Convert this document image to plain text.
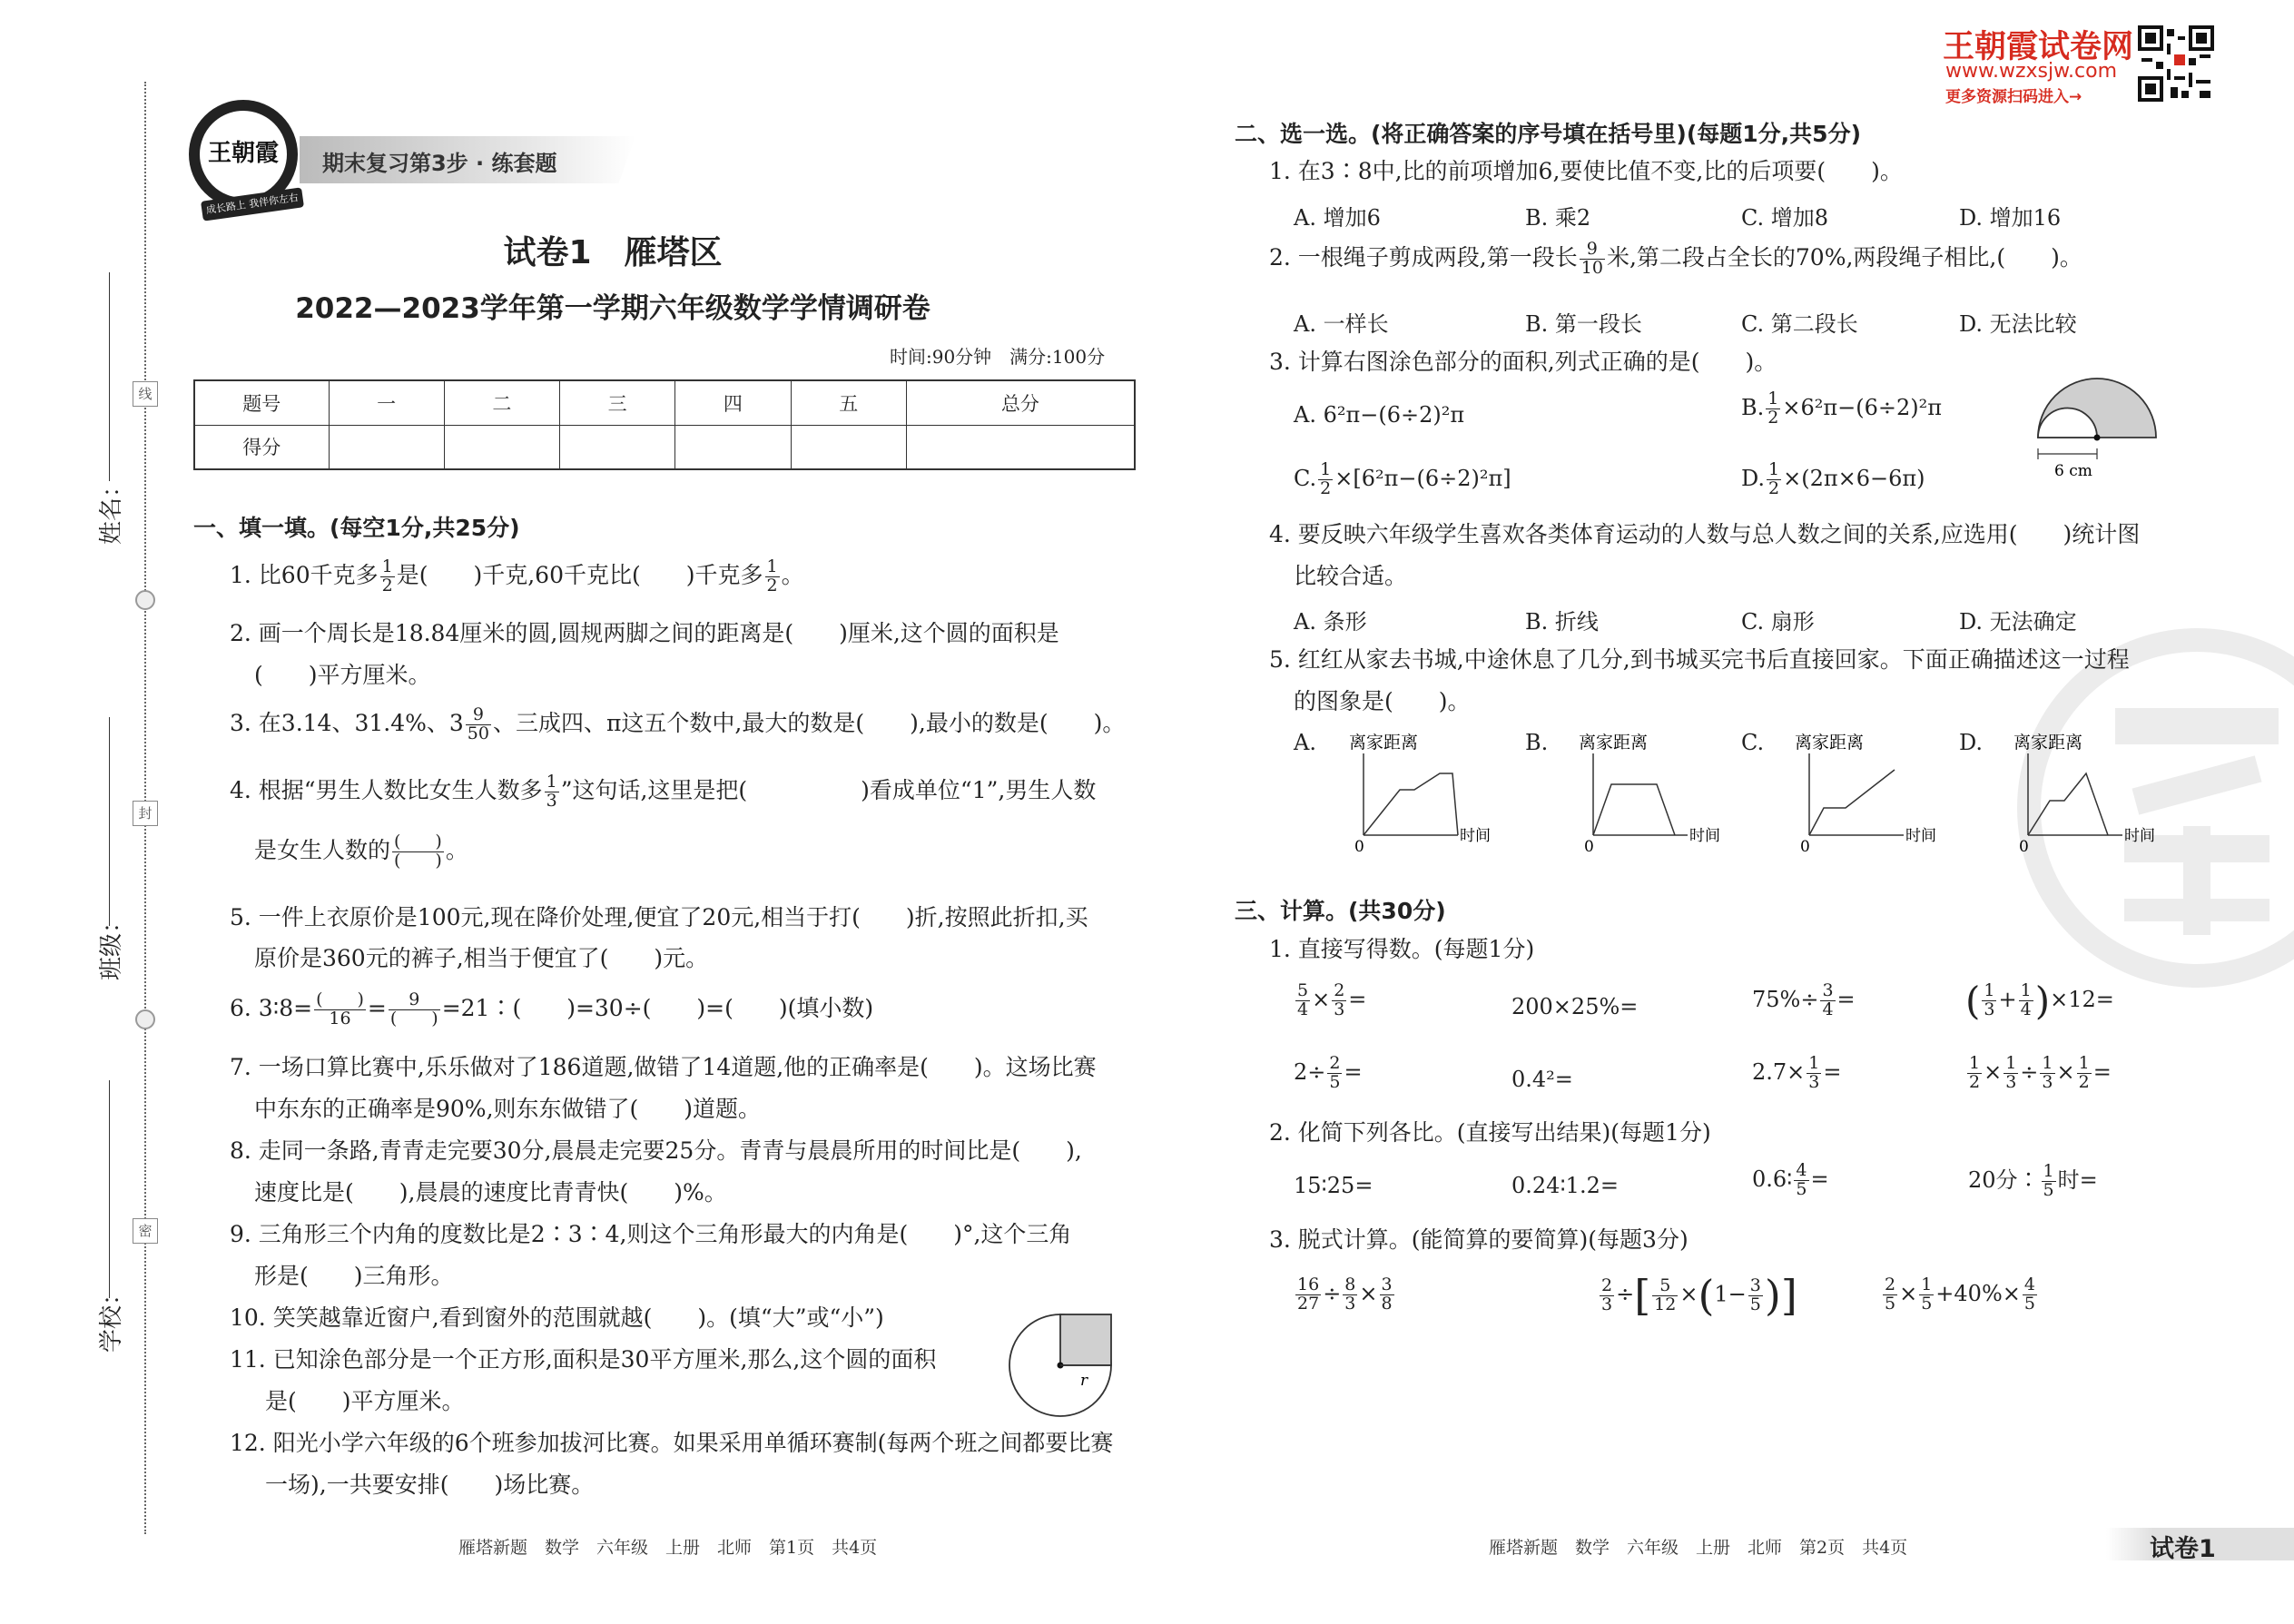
姓名：
班级：
学校：
线
封
密
王朝霞
成长路上 我伴你左右
期末复习第3步 · 练套题
试卷1　雁塔区
2022—2023学年第一学期六年级数学学情调研卷
时间:90分钟　满分:100分
题号	一	二	三	四	五	总分
得分						
一、填一填。(每空1分,共25分)
1. 比60千克多 $\frac{1}{2}$ 是(　　)千克,60千克比(　　)千克多 $\frac{1}{2}$ 。
2. 画一个周长是18.84厘米的圆,圆规两脚之间的距离是(　　)厘米,这个圆的面积是
(　　)平方厘米。
3. 在3.14、31.4%、$3 \frac{9}{50}$ 、三成四、π这五个数中,最大的数是(　　),最小的数是(　　)。
4. 根据“男生人数比女生人数多 $\frac{1}{3}$ ”这句话,这里是把(　　　　　)看成单位“1”,男生人数
是女生人数的 (　　)
(　　) 。
5. 一件上衣原价是100元,现在降价处理,便宜了20元,相当于打(　　)折,按照此折扣,买
原价是360元的裤子,相当于便宜了(　　)元。
6. 3∶8= (　　)
16 =	9
(　　) =21∶(　　)=30÷(　　)=(　　)(填小数)
7. 一场口算比赛中,乐乐做对了186道题,做错了14道题,他的正确率是(　　)。这场比赛
中东东的正确率是90%,则东东做错了(　　)道题。
8. 走同一条路,青青走完要30分,晨晨走完要25分。青青与晨晨所用的时间比是(　　),
速度比是(　　),晨晨的速度比青青快(　　)%。
9. 三角形三个内角的度数比是2∶3∶4,则这个三角形最大的内角是(　　)°,这个三角
形是(　　)三角形。
10. 笑笑越靠近窗户,看到窗外的范围就越(　　)。(填“大”或“小”)
11. 已知涂色部分是一个正方形,面积是30平方厘米,那么,这个圆的面积
是(　　)平方厘米。
r
12. 阳光小学六年级的6个班参加拔河比赛。如果采用单循环赛制(每两个班之间都要比赛
一场),一共要安排(　　)场比赛。
雁塔新题　数学　六年级　上册　北师　第1页　共4页	雁塔新题　数学　六年级　上册　北师　第2页　共4页	试卷1
王朝霞试卷网
www.wzxsjw.com
更多资源扫码进入→
二、选一选。(将正确答案的序号填在括号里)(每题1分,共5分)
1. 在3∶8中,比的前项增加6,要使比值不变,比的后项要(　　)。
A. 增加6	B. 乘2	C. 增加8	D. 增加16
2. 一根绳子剪成两段,第一段长 $\frac{9}{10}$ 米,第二段占全长的70%,两段绳子相比,(　　)。
A. 一样长	B. 第一段长	C. 第二段长	D. 无法比较
3. 计算右图涂色部分的面积,列式正确的是(　　)。
A. 6²π−(6÷2)²π	B. $\frac{1}{2} \times 6^2\pi-(6\div 2)^2\pi$
C. $\frac{1}{2} \times[6^2\pi-(6\div 2)^2\pi]$	D. $\frac{1}{2} \times(2\pi\times 6-6\pi)$	6 cm
4. 要反映六年级学生喜欢各类体育运动的人数与总人数之间的关系,应选用(　　)统计图
比较合适。
A. 条形	B. 折线	C. 扇形	D. 无法确定
5. 红红从家去书城,中途休息了几分,到书城买完书后直接回家。下面正确描述这一过程
的图象是(　　)。
A.	B.	C.	D.
离家距离
0
时间
离家距离
0
时间
离家距离
0
时间
离家距离
0
时间
三、计算。(共30分)
1. 直接写得数。(每题1分)
$\frac{5}{4} \times \frac{2}{3}$ =	200×25%=	$75\%\div \frac{3}{4}$ =	( $\frac{1}{3} + \frac{1}{4} )\times 12=$
$2\div \frac{2}{5}$ =	0.4²=	$2.7\times \frac{1}{3}$ =	$\frac{1}{2} \times \frac{1}{3} \div \frac{1}{3} \times \frac{1}{2}$ =
2. 化简下列各比。(直接写出结果)(每题1分)
15∶25=	0.24∶1.2=	0.6∶ $\frac{4}{5}$ =	20分∶ $\frac{1}{5}$ 时=
3. 脱式计算。(能简算的要简算)(每题3分)
$\frac{16}{27} \div \frac{8}{3} \times \frac{3}{8}$	$\frac{2}{3}$ ÷[ $\frac{5}{12} \times(1- \frac{3}{5}$ )]	$\frac{2}{5} \times \frac{1}{5} +40\%\times \frac{4}{5}$
